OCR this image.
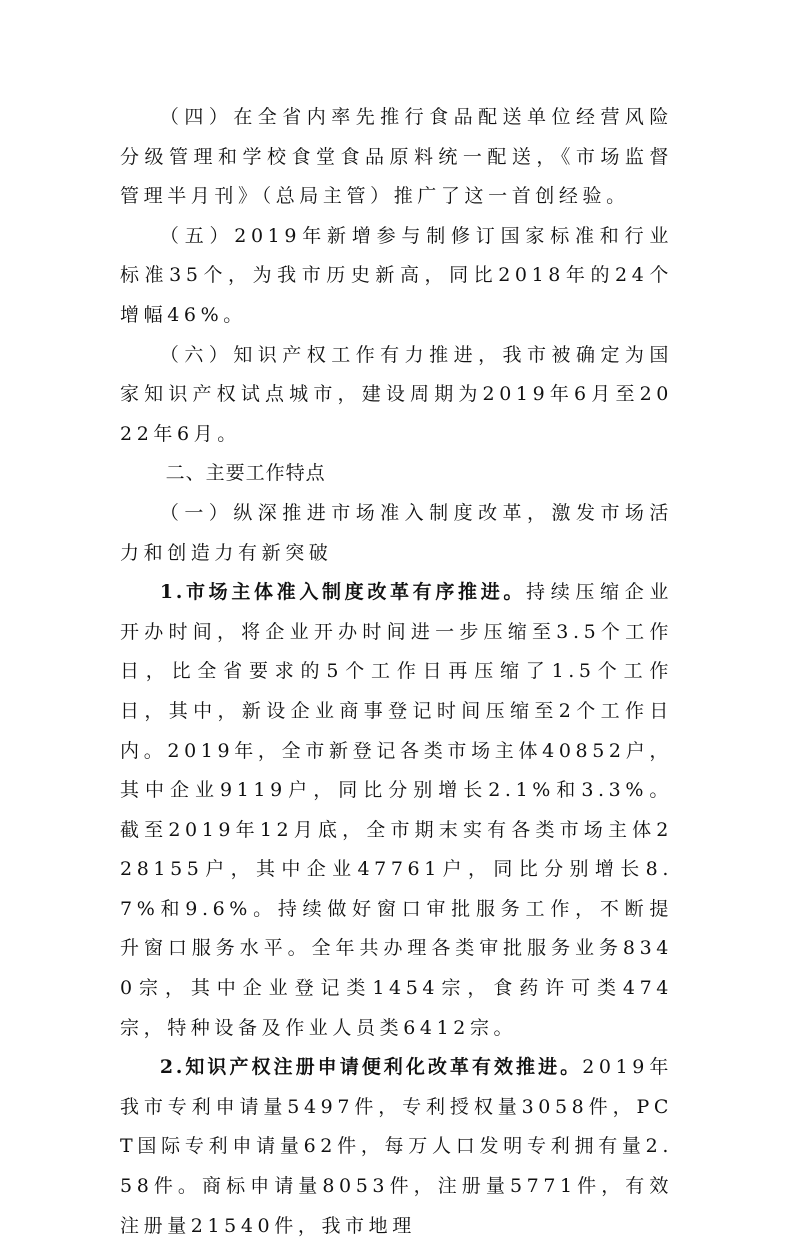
（四）在全省内率先推行食品配送单位经营风险分级管理和学校食堂食品原料统一配送，《市场监督管理半月刊》（总局主管）推广了这一首创经验。

（五）2019年新增参与制修订国家标准和行业标准35个，为我市历史新高，同比2018年的24个增幅46%。

（六）知识产权工作有力推进，我市被确定为国家知识产权试点城市，建设周期为2019年6月至2022年6月。

二、主要工作特点

（一）纵深推进市场准入制度改革，激发市场活力和创造力有新突破

1.市场主体准入制度改革有序推进。持续压缩企业开办时间，将企业开办时间进一步压缩至3.5个工作日，比全省要求的5个工作日再压缩了1.5个工作日，其中，新设企业商事登记时间压缩至2个工作日内。2019年，全市新登记各类市场主体40852户，其中企业9119户，同比分别增长2.1%和3.3%。截至2019年12月底，全市期末实有各类市场主体228155户，其中企业47761户，同比分别增长8.7%和9.6%。持续做好窗口审批服务工作，不断提升窗口服务水平。全年共办理各类审批服务业务8340宗，其中企业登记类1454宗，食药许可类474宗，特种设备及作业人员类6412宗。

2.知识产权注册申请便利化改革有效推进。2019年我市专利申请量5497件，专利授权量3058件，PCT国际专利申请量62件，每万人口发明专利拥有量2.58件。商标申请量8053件，注册量5771件，有效注册量21540件，我市地理
